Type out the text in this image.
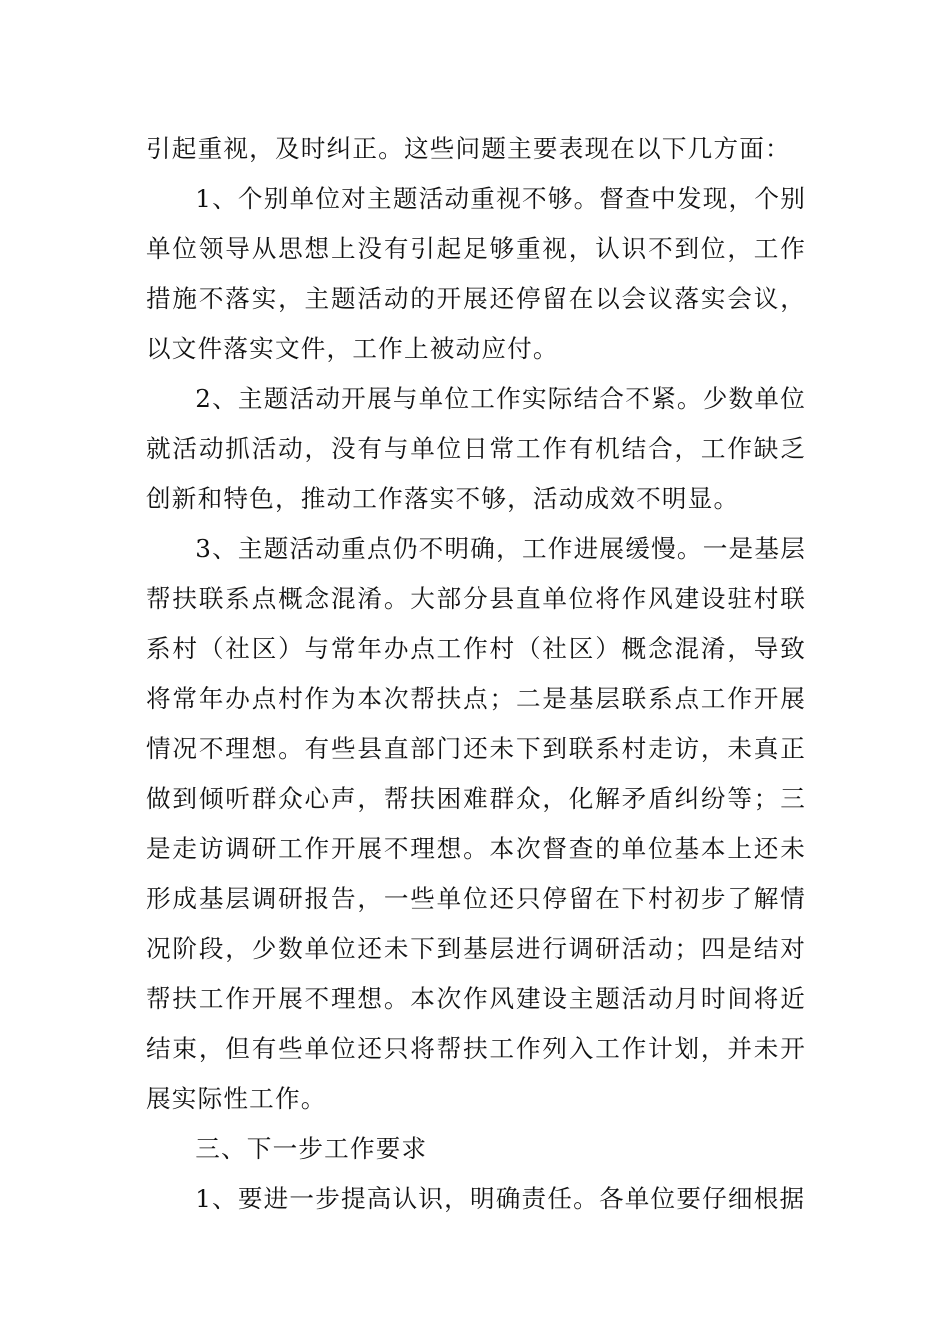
引起重视，及时纠正。这些问题主要表现在以下几方面：

1、个别单位对主题活动重视不够。督查中发现，个别单位领导从思想上没有引起足够重视，认识不到位，工作措施不落实，主题活动的开展还停留在以会议落实会议，以文件落实文件，工作上被动应付。

2、主题活动开展与单位工作实际结合不紧。少数单位就活动抓活动，没有与单位日常工作有机结合，工作缺乏创新和特色，推动工作落实不够，活动成效不明显。

3、主题活动重点仍不明确，工作进展缓慢。一是基层帮扶联系点概念混淆。大部分县直单位将作风建设驻村联系村（社区）与常年办点工作村（社区）概念混淆，导致将常年办点村作为本次帮扶点；二是基层联系点工作开展情况不理想。有些县直部门还未下到联系村走访，未真正做到倾听群众心声，帮扶困难群众，化解矛盾纠纷等；三是走访调研工作开展不理想。本次督查的单位基本上还未形成基层调研报告，一些单位还只停留在下村初步了解情况阶段，少数单位还未下到基层进行调研活动；四是结对帮扶工作开展不理想。本次作风建设主题活动月时间将近结束，但有些单位还只将帮扶工作列入工作计划，并未开展实际性工作。

三、下一步工作要求

1、要进一步提高认识，明确责任。各单位要仔细根据
